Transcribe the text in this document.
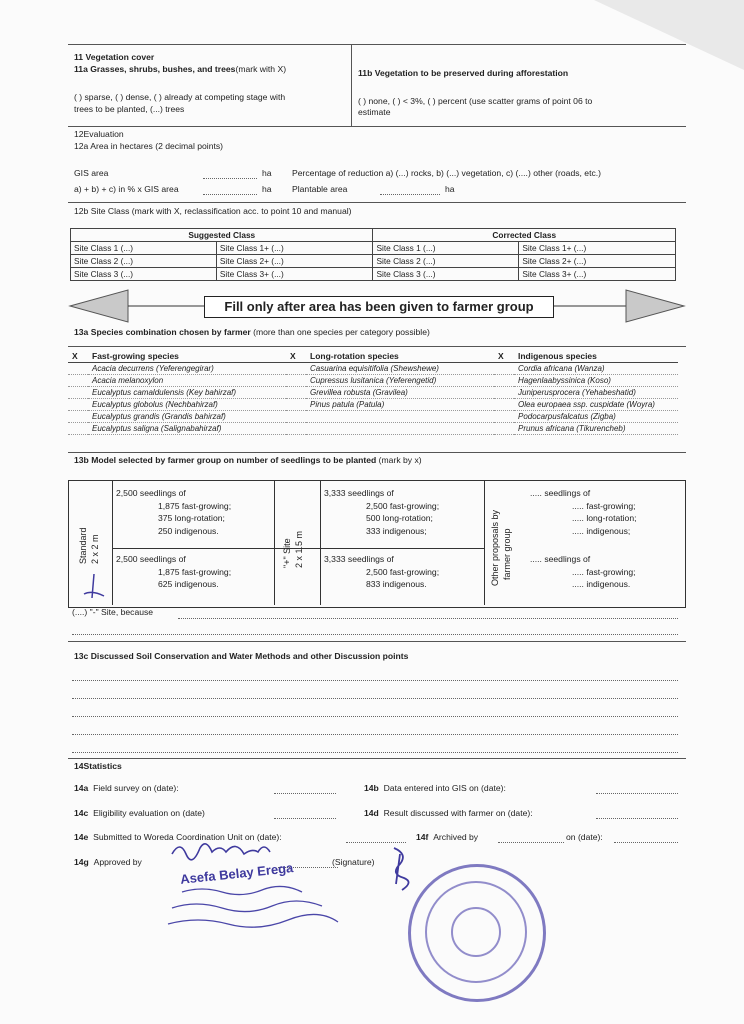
11 Vegetation cover
11a Grasses, shrubs, bushes, and trees(mark with X)
( ) sparse, ( ) dense, ( ) already at competing stage with
trees to be planted, (...) trees
11b Vegetation to be preserved during afforestation
( ) none, ( ) < 3%, ( ) percent (use scatter grams of point 06 to
estimate
12Evaluation
12a Area in hectares (2 decimal points)
GIS area	ha Percentage of reduction a) (...) rocks, b) (...) vegetation, c) (....) other (roads, etc.)
a) + b) + c) in % x GIS area	ha Plantable area	ha
12b Site Class (mark with X, reclassification acc. to point 10 and manual)
Suggested Class		Corrected Class	
Site Class 1 (...)	Site Class 1+ (...)	Site Class 1 (...)	Site Class 1+ (...)
Site Class 2 (...)	Site Class 2+ (...)	Site Class 2 (...)	Site Class 2+ (...)
Site Class 3 (...)	Site Class 3+ (...)	Site Class 3 (...)	Site Class 3+ (...)
Fill only after area has been given to farmer group
13a Species combination chosen by farmer (more than one species per category possible)
X	Fast-growing species	X	Long-rotation species	X	Indigenous species
	Acacia decurrens (Yeferengegirar)		Casuarina equisitifolia (Shewshewe)		Cordia africana (Wanza)
	Acacia melanoxylon		Cupressus lusitanica (Yeferengetid)		Hagenlaabyssinica (Koso)
	Eucalyptus camaldulensis (Key bahirzaf)		Grevillea robusta (Gravilea)		Juniperusprocera (Yehabeshatid)
	Eucalyptus globolus (Nechbahirzaf)		Pinus patula (Patula)		Olea europaea ssp. cuspidate (Woyra)
	Eucalyptus grandis (Grandis bahirzaf)				Podocarpusfalcatus (Zigba)
	Eucalyptus saligna (Salignabahirzaf)				Prunus africana (Tikurencheb)
13b Model selected by farmer group on number of seedlings to be planted (mark by x)
Standard 2 x 2 m	"+" Site 2 x 1.5 m	Other proposals by farmer group
2,500 seedlings of
1,875 fast-growing;
375 long-rotation;
250 indigenous.
2,500 seedlings of
1,875 fast-growing;
625 indigenous.
3,333 seedlings of
2,500 fast-growing;
500 long-rotation;
333 indigenous;
3,333 seedlings of
2,500 fast-growing;
833 indigenous.
..... seedlings of
..... fast-growing;
..... long-rotation;
..... indigenous;
..... seedlings of
..... fast-growing;
..... indigenous.
(....) "-" Site, because
13c Discussed Soil Conservation and Water Methods and other Discussion points
14Statistics
14a Field survey on (date):	14b Data entered into GIS on (date):
14c Eligibility evaluation on (date)	14d Result discussed with farmer on (date):
14e Submitted to Woreda Coordination Unit on (date):	14f Archived by	on (date):
14g Approved by	(Signature)
Asefa Belay Erega
